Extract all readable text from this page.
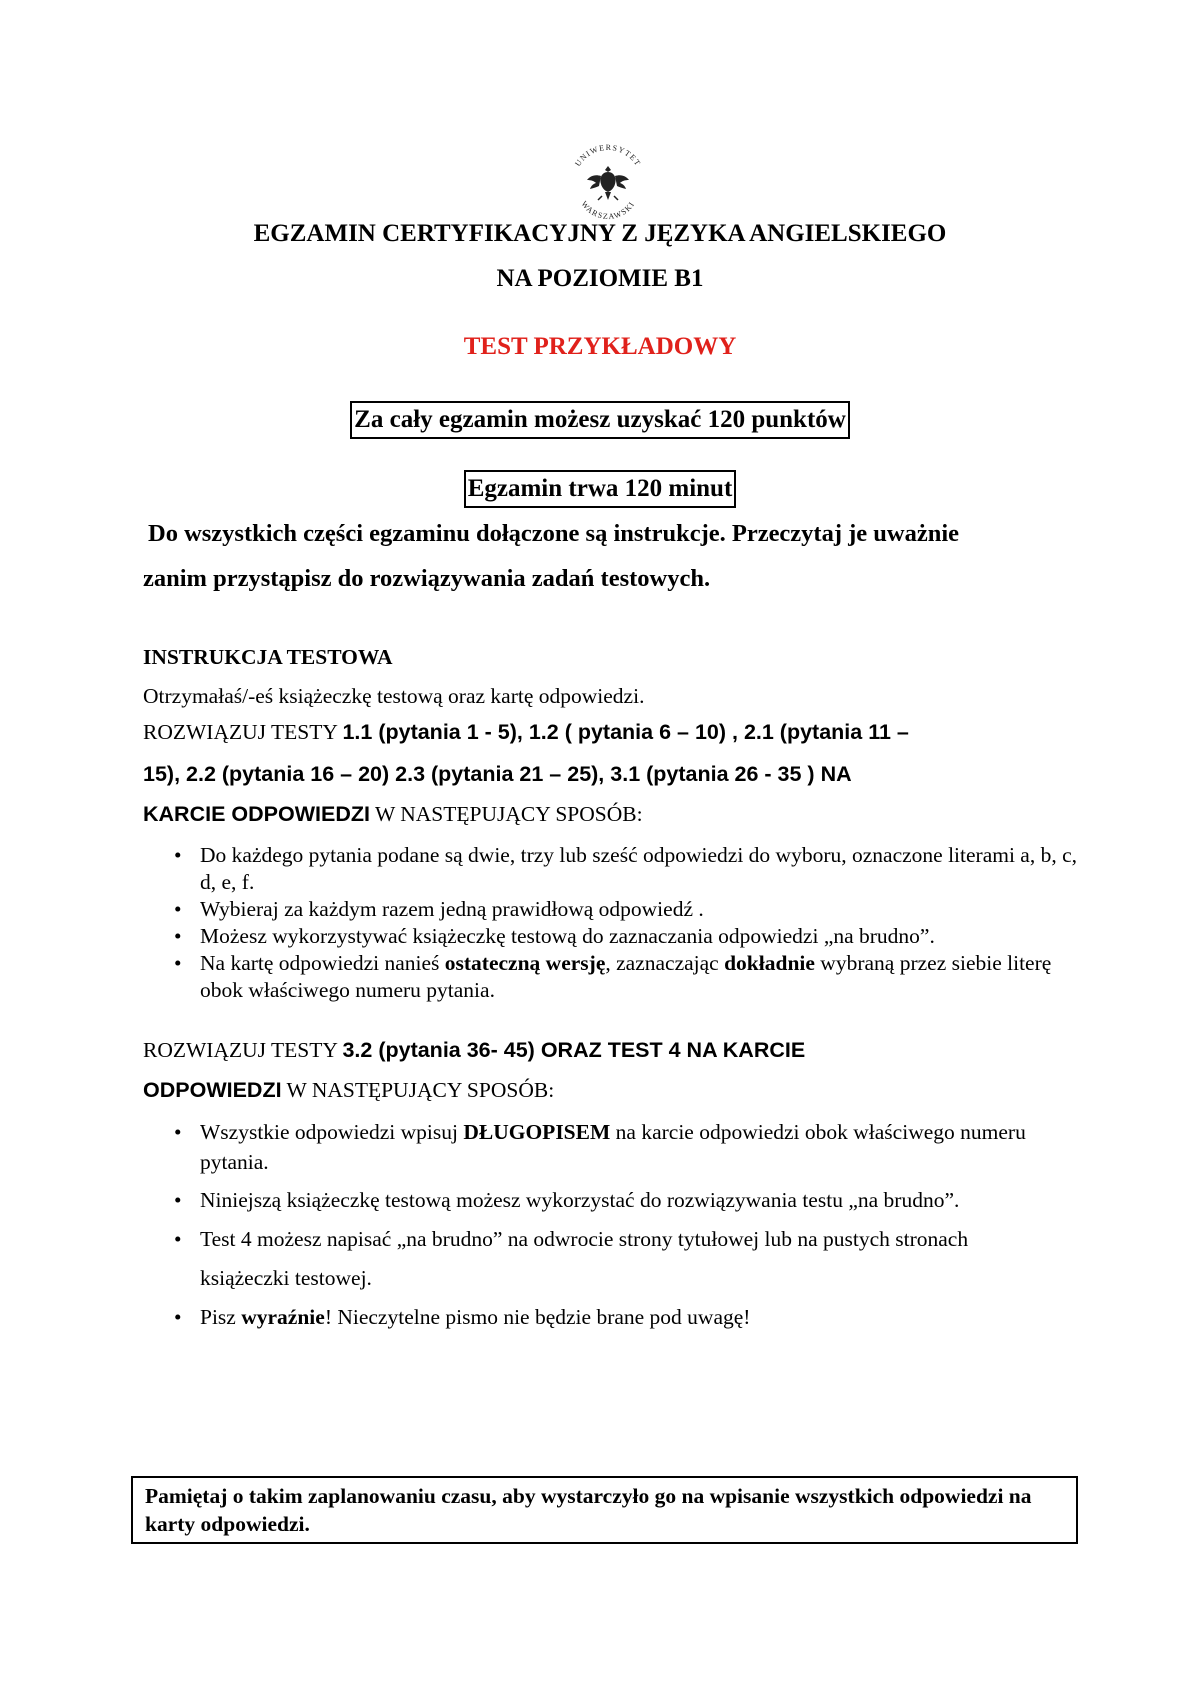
UNIWERSYTET
WARSZAWSKI
EGZAMIN CERTYFIKACYJNY Z JĘZYKA ANGIELSKIEGO
NA POZIOMIE B1
TEST PRZYKŁADOWY
Za cały egzamin możesz uzyskać 120 punktów
Egzamin trwa 120 minut
Do wszystkich części egzaminu dołączone są instrukcje. Przeczytaj je uważnie
zanim przystąpisz do rozwiązywania zadań testowych.
INSTRUKCJA TESTOWA
Otrzymałaś/-eś książeczkę testową oraz kartę odpowiedzi.
ROZWIĄZUJ TESTY 1.1 (pytania 1 - 5), 1.2 ( pytania 6 – 10) , 2.1 (pytania 11 –
15), 2.2 (pytania 16 – 20) 2.3 (pytania 21 – 25), 3.1 (pytania 26 - 35 ) NA
KARCIE ODPOWIEDZI W NASTĘPUJĄCY SPOSÓB:
• Do każdego pytania podane są dwie, trzy lub sześć odpowiedzi do wyboru, oznaczone literami a, b, c, d, e, f.
• Wybieraj za każdym razem jedną prawidłową odpowiedź .
• Możesz wykorzystywać książeczkę testową do zaznaczania odpowiedzi „na brudno”.
• Na kartę odpowiedzi nanieś ostateczną wersję, zaznaczając dokładnie wybraną przez siebie literę obok właściwego numeru pytania.
ROZWIĄZUJ TESTY 3.2 (pytania 36- 45) ORAZ TEST 4 NA KARCIE
ODPOWIEDZI W NASTĘPUJĄCY SPOSÓB:
• Wszystkie odpowiedzi wpisuj DŁUGOPISEM na karcie odpowiedzi obok właściwego numeru pytania.
• Niniejszą książeczkę testową możesz wykorzystać do rozwiązywania testu „na brudno”.
• Test 4 możesz napisać „na brudno” na odwrocie strony tytułowej lub na pustych stronach książeczki testowej.
• Pisz wyraźnie! Nieczytelne pismo nie będzie brane pod uwagę!
Pamiętaj o takim zaplanowaniu czasu, aby wystarczyło go na wpisanie wszystkich odpowiedzi na karty odpowiedzi.
